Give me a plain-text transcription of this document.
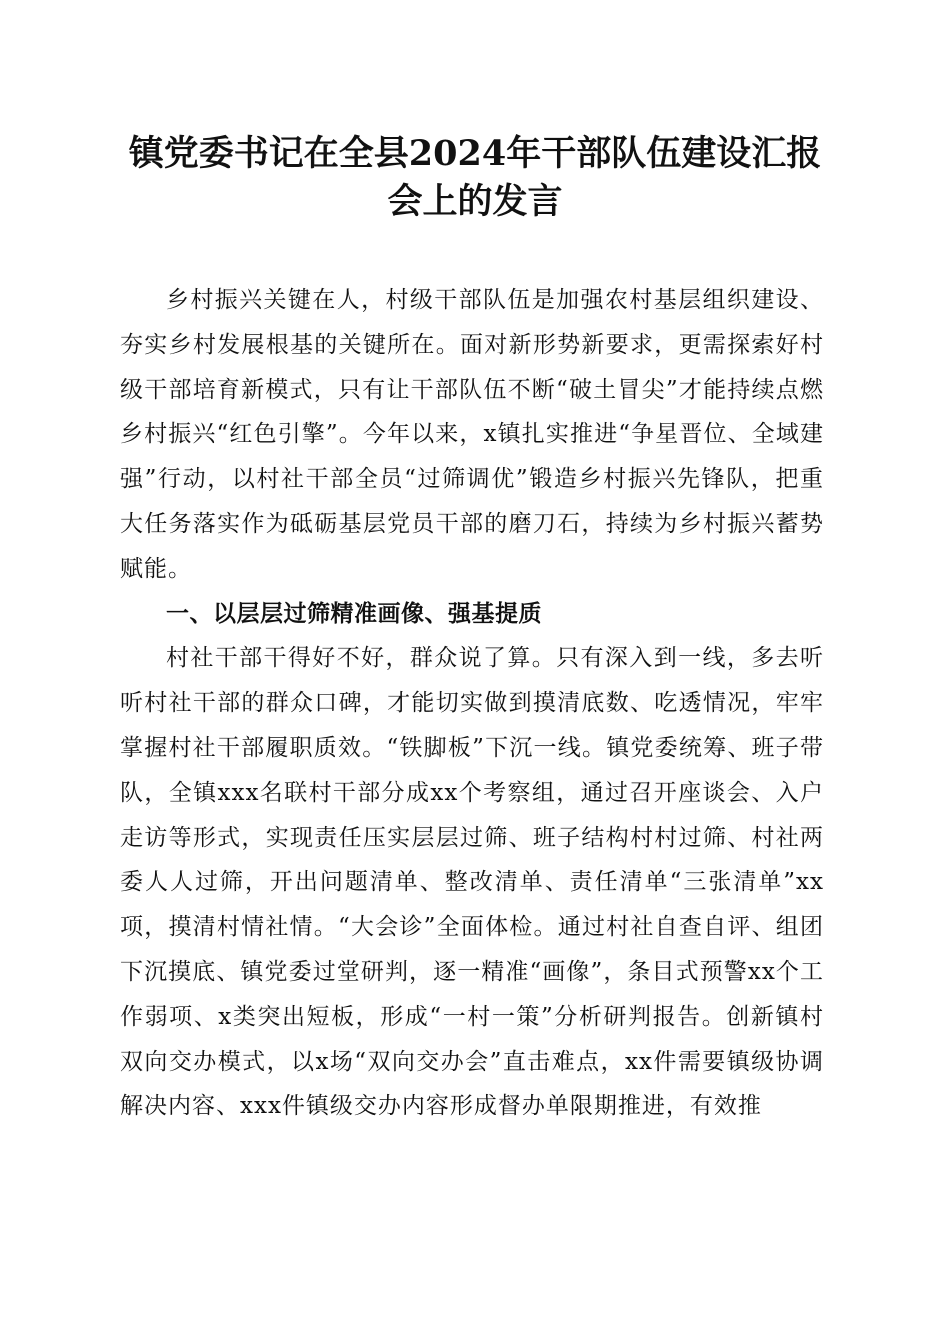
镇党委书记在全县2024年干部队伍建设汇报会上的发言

乡村振兴关键在人，村级干部队伍是加强农村基层组织建设、夯实乡村发展根基的关键所在。面对新形势新要求，更需探索好村级干部培育新模式，只有让干部队伍不断“破土冒尖”才能持续点燃乡村振兴“红色引擎”。今年以来，x镇扎实推进“争星晋位、全域建强”行动，以村社干部全员“过筛调优”锻造乡村振兴先锋队，把重大任务落实作为砥砺基层党员干部的磨刀石，持续为乡村振兴蓄势赋能。

一、以层层过筛精准画像、强基提质

村社干部干得好不好，群众说了算。只有深入到一线，多去听听村社干部的群众口碑，才能切实做到摸清底数、吃透情况，牢牢掌握村社干部履职质效。“铁脚板”下沉一线。镇党委统筹、班子带队，全镇xxx名联村干部分成xx个考察组，通过召开座谈会、入户走访等形式，实现责任压实层层过筛、班子结构村村过筛、村社两委人人过筛，开出问题清单、整改清单、责任清单“三张清单”xx项，摸清村情社情。“大会诊”全面体检。通过村社自查自评、组团下沉摸底、镇党委过堂研判，逐一精准“画像”，条目式预警xx个工作弱项、x类突出短板，形成“一村一策”分析研判报告。创新镇村双向交办模式，以x场“双向交办会”直击难点，xx件需要镇级协调解决内容、xxx件镇级交办内容形成督办单限期推进，有效推
